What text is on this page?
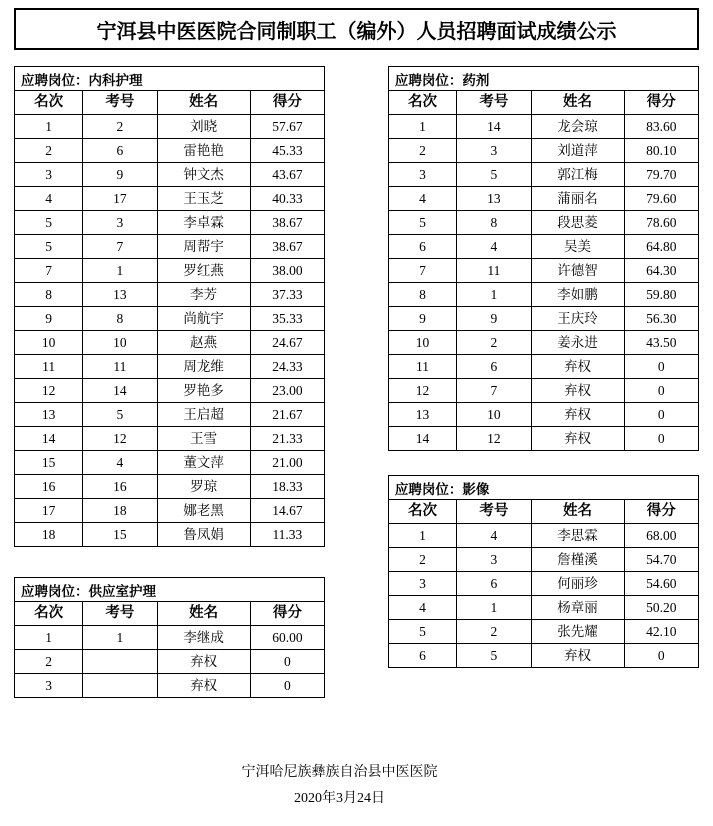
宁洱县中医医院合同制职工（编外）人员招聘面试成绩公示
应聘岗位：内科护理
名次	考号	姓名	得分
1	2	刘晓	57.67
2	6	雷艳艳	45.33
3	9	钟文杰	43.67
4	17	王玉芝	40.33
5	3	李卓霖	38.67
5	7	周帮宇	38.67
7	1	罗红燕	38.00
8	13	李芳	37.33
9	8	尚航宇	35.33
10	10	赵燕	24.67
11	11	周龙维	24.33
12	14	罗艳多	23.00
13	5	王启超	21.67
14	12	王雪	21.33
15	4	董文萍	21.00
16	16	罗琼	18.33
17	18	娜老黑	14.67
18	15	鲁凤娟	11.33
应聘岗位：供应室护理
名次	考号	姓名	得分
1	1	李继成	60.00
2		弃权	0
3		弃权	0
应聘岗位：药剂
名次	考号	姓名	得分
1	14	龙会琼	83.60
2	3	刘道萍	80.10
3	5	郭江梅	79.70
4	13	蒲丽名	79.60
5	8	段思菱	78.60
6	4	吴美	64.80
7	11	许德智	64.30
8	1	李如鹏	59.80
9	9	王庆玲	56.30
10	2	姜永进	43.50
11	6	弃权	0
12	7	弃权	0
13	10	弃权	0
14	12	弃权	0
应聘岗位：影像
名次	考号	姓名	得分
1	4	李思霖	68.00
2	3	詹槿溪	54.70
3	6	何丽珍	54.60
4	1	杨章丽	50.20
5	2	张先耀	42.10
6	5	弃权	0
宁洱哈尼族彝族自治县中医医院
2020年3月24日
